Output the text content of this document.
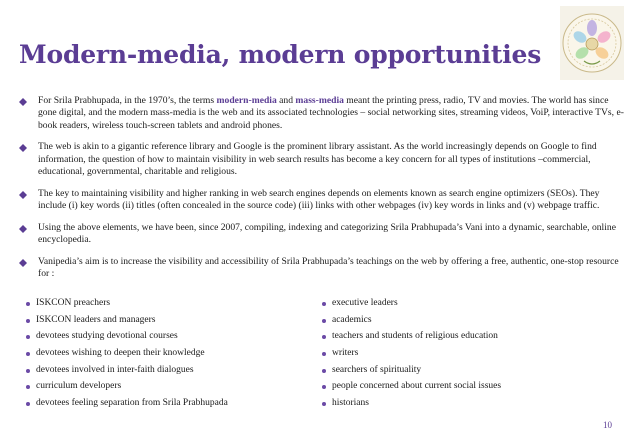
Modern-media, modern opportunities
For Srila Prabhupada, in the 1970’s, the terms modern-media and mass-media meant the printing press, radio, TV and movies. The world has since gone digital, and the modern mass-media is the web and its associated technologies – social networking sites, streaming videos, VoiP, interactive TVs, e-book readers, wireless touch-screen tablets and android phones.
The web is akin to a gigantic reference library and Google is the prominent library assistant. As the world increasingly depends on Google to find information, the question of how to maintain visibility in web search results has become a key concern for all types of institutions –commercial, educational, governmental, charitable and religious.
The key to maintaining visibility and higher ranking in web search engines depends on elements known as search engine optimizers (SEOs). They include (i) key words (ii) titles (often concealed in the source code) (iii) links with other webpages (iv) key words in links and (v) webpage traffic.
Using the above elements, we have been, since 2007, compiling, indexing and categorizing Srila Prabhupada’s Vani into a dynamic, searchable, online encyclopedia.
Vanipedia’s aim is to increase the visibility and accessibility of Srila Prabhupada’s teachings on the web by offering a free, authentic, one-stop resource for :
ISKCON preachers
ISKCON leaders and managers
devotees studying devotional courses
devotees wishing to deepen their knowledge
devotees involved in inter-faith dialogues
curriculum developers
devotees feeling separation from Srila Prabhupada
executive leaders
academics
teachers and students of religious education
writers
searchers of spirituality
people concerned about current social issues
historians
10
